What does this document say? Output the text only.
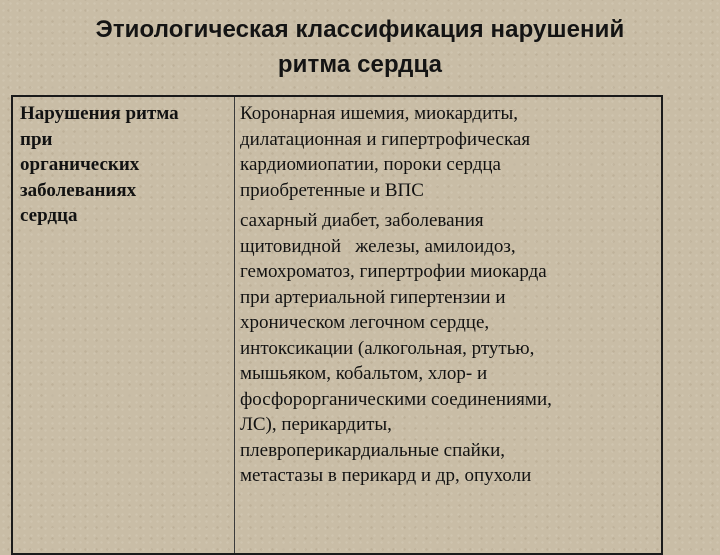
Этиологическая классификация нарушений
ритма сердца
Нарушения ритма
при
органических
заболеваниях
сердца
Коронарная ишемия, миокардиты,
дилатационная и гипертрофическая
кардиомиопатии, пороки сердца
приобретенные и ВПС
сахарный диабет, заболевания
щитовидной   железы, амилоидоз,
гемохроматоз, гипертрофии миокарда
при артериальной гипертензии и
хроническом легочном сердце,
интоксикации (алкогольная, ртутью,
мышьяком, кобальтом, хлор- и
фосфорорганическими соединениями,
ЛС), перикардиты,
плевроперикардиальные спайки,
метастазы в перикард и др, опухоли
